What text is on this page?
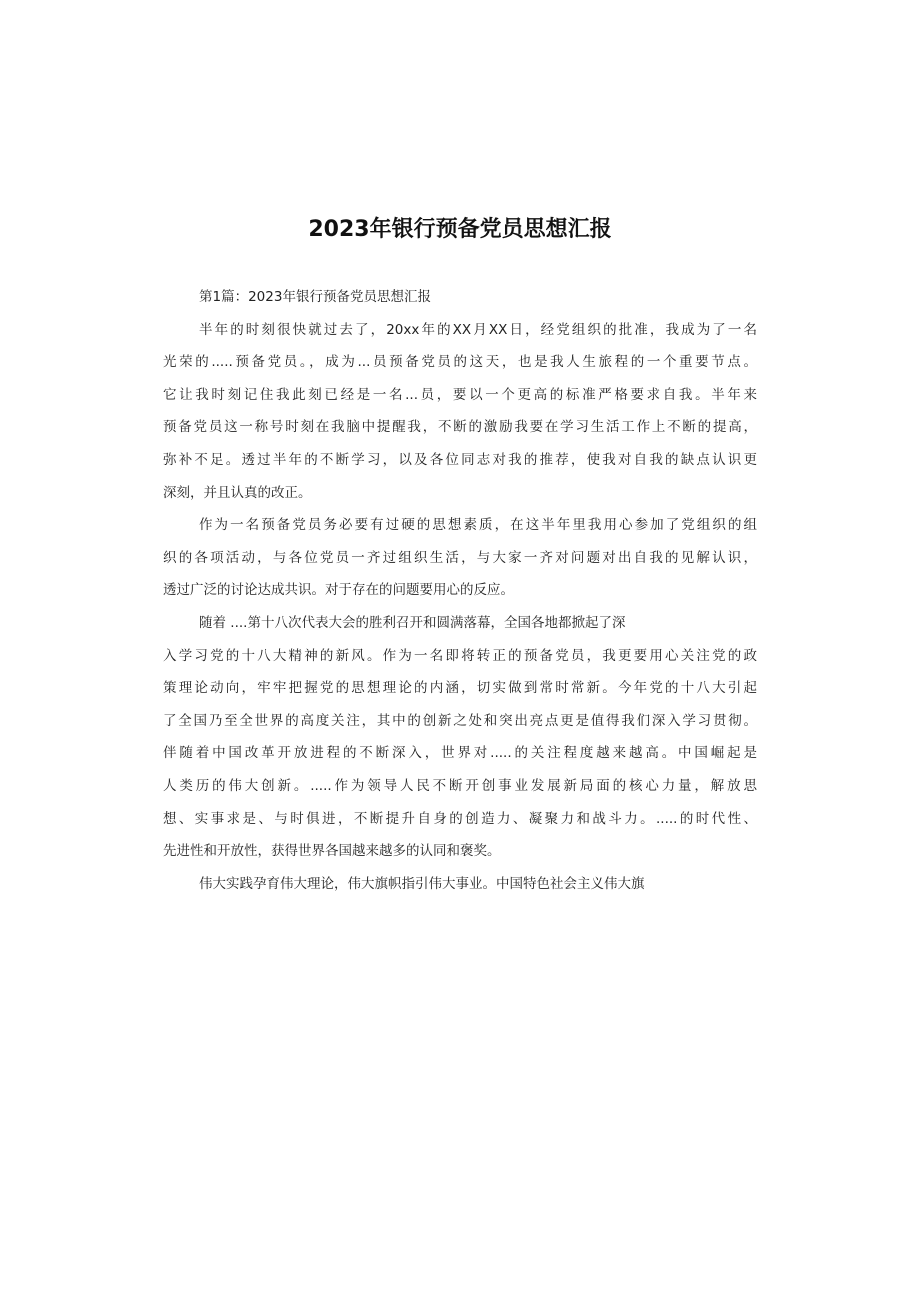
2023年银行预备党员思想汇报
第1篇：2023年银行预备党员思想汇报
半年的时刻很快就过去了，20xx年的XX月XX日，经党组织的批准，我成为了一名
光荣的.....预备党员。，成为...员预备党员的这天，也是我人生旅程的一个重要节点。
它让我时刻记住我此刻已经是一名...员，要以一个更高的标准严格要求自我。半年来
预备党员这一称号时刻在我脑中提醒我，不断的激励我要在学习生活工作上不断的提高，
弥补不足。透过半年的不断学习，以及各位同志对我的推荐，使我对自我的缺点认识更
深刻，并且认真的改正。
作为一名预备党员务必要有过硬的思想素质，在这半年里我用心参加了党组织的组
织的各项活动，与各位党员一齐过组织生活，与大家一齐对问题对出自我的见解认识，
透过广泛的讨论达成共识。对于存在的问题要用心的反应。
随着 ....第十八次代表大会的胜利召开和圆满落幕，全国各地都掀起了深
入学习党的十八大精神的新风。作为一名即将转正的预备党员，我更要用心关注党的政
策理论动向，牢牢把握党的思想理论的内涵，切实做到常时常新。今年党的十八大引起
了全国乃至全世界的高度关注，其中的创新之处和突出亮点更是值得我们深入学习贯彻。
伴随着中国改革开放进程的不断深入，世界对.....的关注程度越来越高。中国崛起是
人类历的伟大创新。.....作为领导人民不断开创事业发展新局面的核心力量，解放思
想、实事求是、与时俱进，不断提升自身的创造力、凝聚力和战斗力。.....的时代性、
先进性和开放性，获得世界各国越来越多的认同和褒奖。
伟大实践孕育伟大理论，伟大旗帜指引伟大事业。中国特色社会主义伟大旗
